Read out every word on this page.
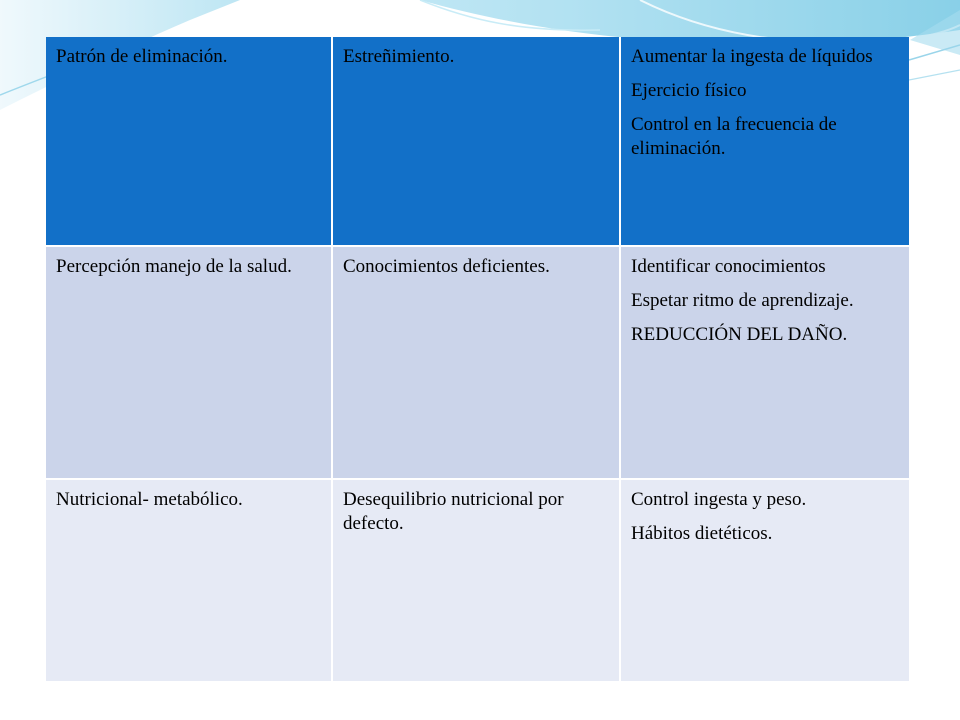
Patrón de eliminación.	Estreñimiento.	Aumentar la ingesta de líquidos

Ejercicio físico

Control en la frecuencia de eliminación.

Percepción manejo de la salud.	Conocimientos deficientes.	Identificar conocimientos

Espetar ritmo de aprendizaje.

REDUCCIÓN DEL DAÑO.

Nutricional- metabólico.	Desequilibrio nutricional por defecto.	Control ingesta y peso.

Hábitos dietéticos.
